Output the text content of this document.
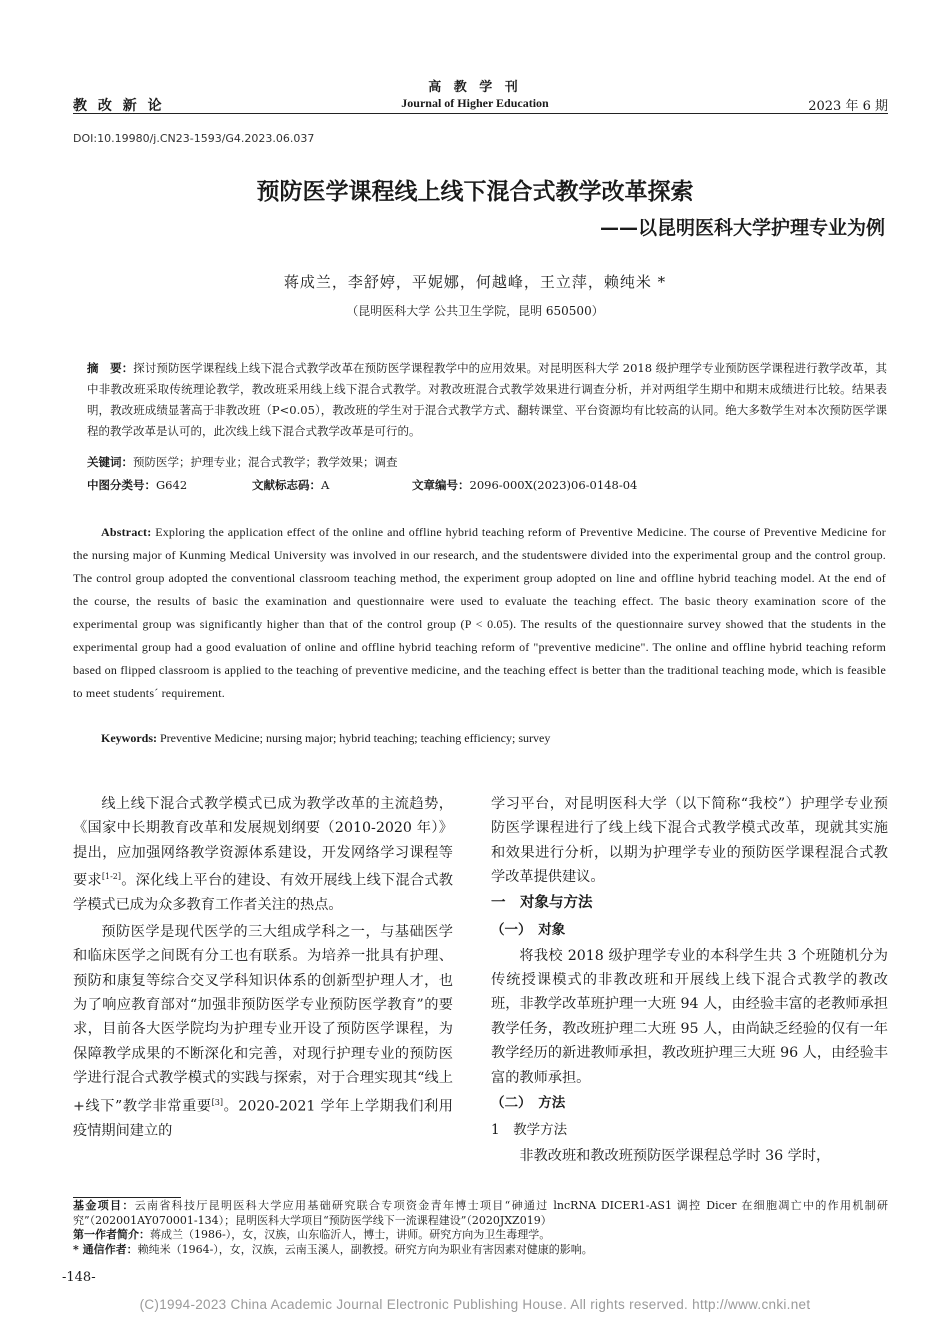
高 教 学 刊
教 改 新 论	Journal of Higher Education	2023 年 6 期
DOI:10.19980/j.CN23-1593/G4.2023.06.037
预防医学课程线上线下混合式教学改革探索
——以昆明医科大学护理专业为例
蒋成兰，李舒婷，平妮娜，何越峰，王立萍，赖纯米 *
（昆明医科大学 公共卫生学院，昆明 650500）
摘　要：探讨预防医学课程线上线下混合式教学改革在预防医学课程教学中的应用效果。对昆明医科大学 2018 级护理学专业预防医学课程进行教学改革，其中非教改班采取传统理论教学，教改班采用线上线下混合式教学。对教改班混合式教学效果进行调查分析，并对两组学生期中和期末成绩进行比较。结果表明，教改班成绩显著高于非教改班（P<0.05），教改班的学生对于混合式教学方式、翻转课堂、平台资源均有比较高的认同。绝大多数学生对本次预防医学课程的教学改革是认可的，此次线上线下混合式教学改革是可行的。
关键词：预防医学；护理专业；混合式教学；教学效果；调查
中图分类号：G642	文献标志码：A	文章编号：2096-000X(2023)06-0148-04
Abstract: Exploring the application effect of the online and offline hybrid teaching reform of Preventive Medicine. The course of Preventive Medicine for the nursing major of Kunming Medical University was involved in our research, and the studentswere divided into the experimental group and the control group. The control group adopted the conventional classroom teaching method, the experiment group adopted on line and offline hybrid teaching model. At the end of the course, the results of basic the examination and questionnaire were used to evaluate the teaching effect. The basic theory examination score of the experimental group was significantly higher than that of the control group (P < 0.05). The results of the questionnaire survey showed that the students in the experimental group had a good evaluation of online and offline hybrid teaching reform of "preventive medicine". The online and offline hybrid teaching reform based on flipped classroom is applied to the teaching of preventive medicine, and the teaching effect is better than the traditional teaching mode, which is feasible to meet students´ requirement.
Keywords: Preventive Medicine; nursing major; hybrid teaching; teaching efficiency; survey

线上线下混合式教学模式已成为教学改革的主流趋势，《国家中长期教育改革和发展规划纲要（2010-2020 年）》提出，应加强网络教学资源体系建设，开发网络学习课程等要求[1-2]。深化线上平台的建设、有效开展线上线下混合式教学模式已成为众多教育工作者关注的热点。

预防医学是现代医学的三大组成学科之一，与基础医学和临床医学之间既有分工也有联系。为培养一批具有护理、预防和康复等综合交叉学科知识体系的创新型护理人才，也为了响应教育部对“加强非预防医学专业预防医学教育”的要求，目前各大医学院均为护理专业开设了预防医学课程，为保障教学成果的不断深化和完善，对现行护理专业的预防医学进行混合式教学模式的实践与探索，对于合理实现其“线上+线下”教学非常重要[3]。2020-2021 学年上学期我们利用疫情期间建立的

学习平台，对昆明医科大学（以下简称“我校”）护理学专业预防医学课程进行了线上线下混合式教学模式改革，现就其实施和效果进行分析，以期为护理学专业的预防医学课程混合式教学改革提供建议。

一　对象与方法
（一）　对象

将我校 2018 级护理学专业的本科学生共 3 个班随机分为传统授课模式的非教改班和开展线上线下混合式教学的教改班，非教学改革班护理一大班 94 人，由经验丰富的老教师承担教学任务，教改班护理二大班 95 人，由尚缺乏经验的仅有一年教学经历的新进教师承担，教改班护理三大班 96 人，由经验丰富的教师承担。

（二）　方法
1　教学方法

非教改班和教改班预防医学课程总学时 36 学时，

基金项目：云南省科技厅昆明医科大学应用基础研究联合专项资金青年博士项目“砷通过 lncRNA DICER1-AS1 调控 Dicer 在细胞凋亡中的作用机制研究”（202001AY070001-134）；昆明医科大学项目“预防医学线下一流课程建设”（2020JXZ019）
第一作者简介：蒋成兰（1986-），女，汉族，山东临沂人，博士，讲师。研究方向为卫生毒理学。
* 通信作者：赖纯米（1964-），女，汉族，云南玉溪人，副教授。研究方向为职业有害因素对健康的影响。
-148-
(C)1994-2023 China Academic Journal Electronic Publishing House. All rights reserved. http://www.cnki.net
